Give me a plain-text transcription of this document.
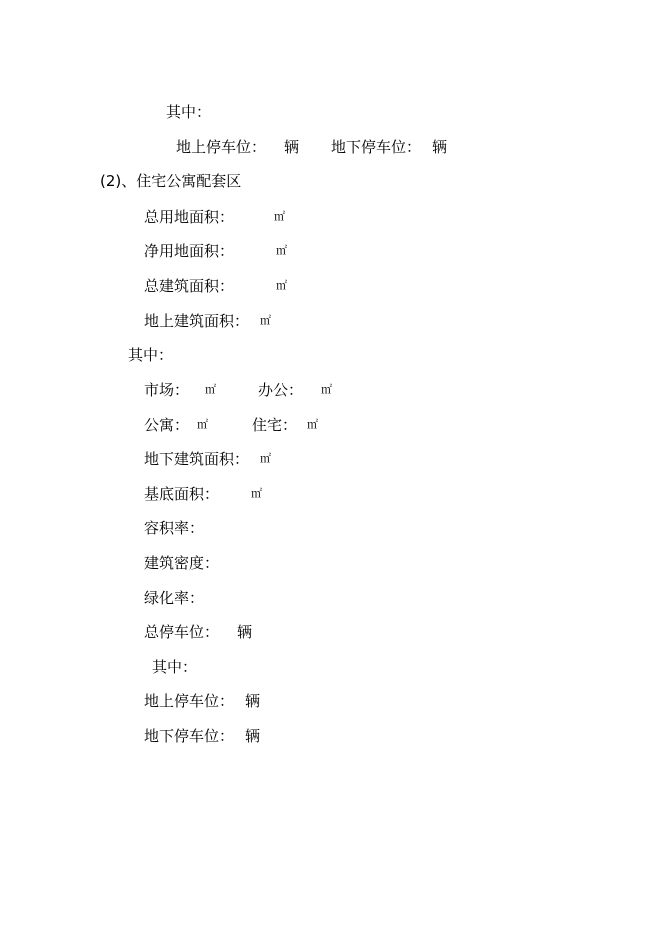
其中：
地上停车位： 辆 地下停车位： 辆
(2)、住宅公寓配套区
总用地面积：	㎡
净用地面积：	㎡
总建筑面积：	㎡
地上建筑面积： ㎡
其中：
市场： ㎡	办公： ㎡
公寓： ㎡	住宅： ㎡
地下建筑面积： ㎡
基底面积：	㎡
容积率：
建筑密度：
绿化率：
总停车位： 辆
其中：
地上停车位： 辆
地下停车位： 辆
